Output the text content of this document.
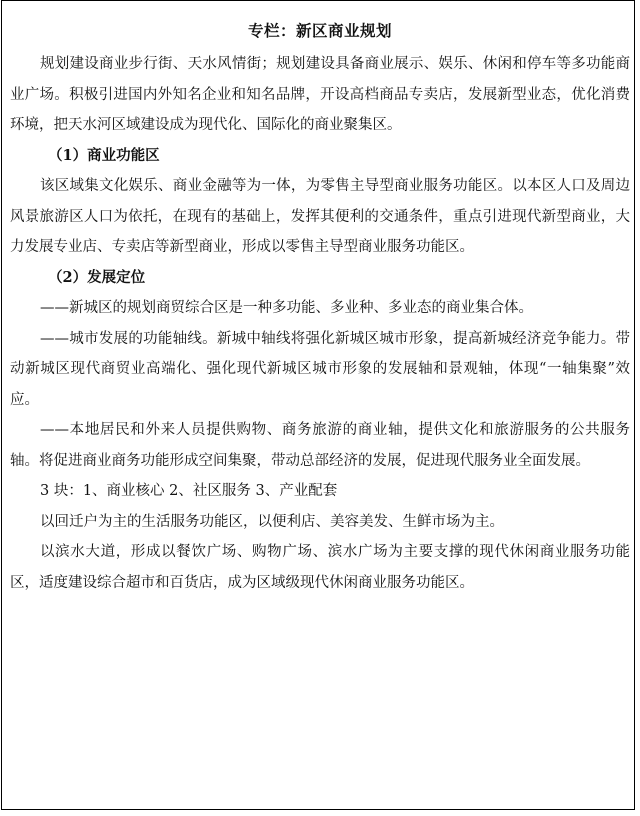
专栏：新区商业规划

规划建设商业步行街、天水风情街；规划建设具备商业展示、娱乐、休闲和停车等多功能商业广场。积极引进国内外知名企业和知名品牌，开设高档商品专卖店，发展新型业态，优化消费环境，把天水河区域建设成为现代化、国际化的商业聚集区。

（1）商业功能区

该区域集文化娱乐、商业金融等为一体，为零售主导型商业服务功能区。以本区人口及周边风景旅游区人口为依托，在现有的基础上，发挥其便利的交通条件，重点引进现代新型商业，大力发展专业店、专卖店等新型商业，形成以零售主导型商业服务功能区。

（2）发展定位

——新城区的规划商贸综合区是一种多功能、多业种、多业态的商业集合体。

——城市发展的功能轴线。新城中轴线将强化新城区城市形象，提高新城经济竞争能力。带动新城区现代商贸业高端化、强化现代新城区城市形象的发展轴和景观轴，体现“一轴集聚”效应。

——本地居民和外来人员提供购物、商务旅游的商业轴，提供文化和旅游服务的公共服务轴。将促进商业商务功能形成空间集聚，带动总部经济的发展，促进现代服务业全面发展。

3 块：1、商业核心 2、社区服务 3、产业配套

以回迁户为主的生活服务功能区，以便利店、美容美发、生鲜市场为主。

以滨水大道，形成以餐饮广场、购物广场、滨水广场为主要支撑的现代休闲商业服务功能区，适度建设综合超市和百货店，成为区域级现代休闲商业服务功能区。
